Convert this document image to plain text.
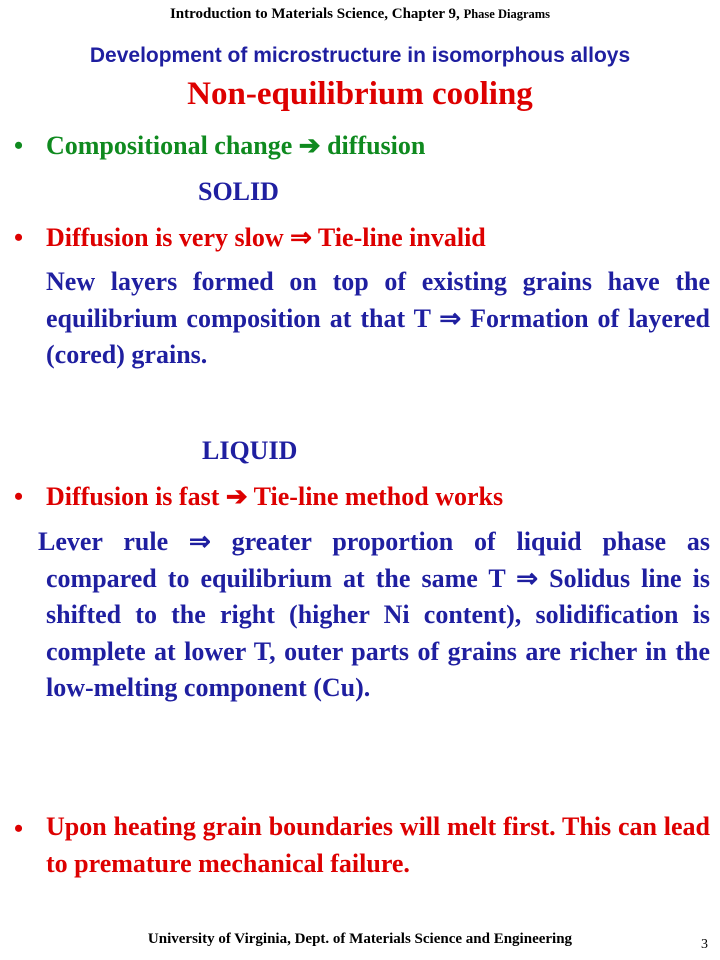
Introduction to Materials Science, Chapter 9, Phase Diagrams
Development of microstructure in isomorphous alloys
Non-equilibrium cooling
• Compositional change ➔ diffusion
SOLID
• Diffusion is very slow ⇒ Tie-line invalid
New layers formed on top of existing grains have the equilibrium composition at that T ⇒ Formation of layered (cored) grains.
LIQUID
• Diffusion is fast ➔ Tie-line method works
Lever rule ⇒ greater proportion of liquid phase as compared to equilibrium at the same T ⇒ Solidus line is shifted to the right (higher Ni content), solidification is complete at lower T, outer parts of grains are richer in the low-melting component (Cu).
• Upon heating grain boundaries will melt first. This can lead to premature mechanical failure.
University of Virginia, Dept. of Materials Science and Engineering	3
